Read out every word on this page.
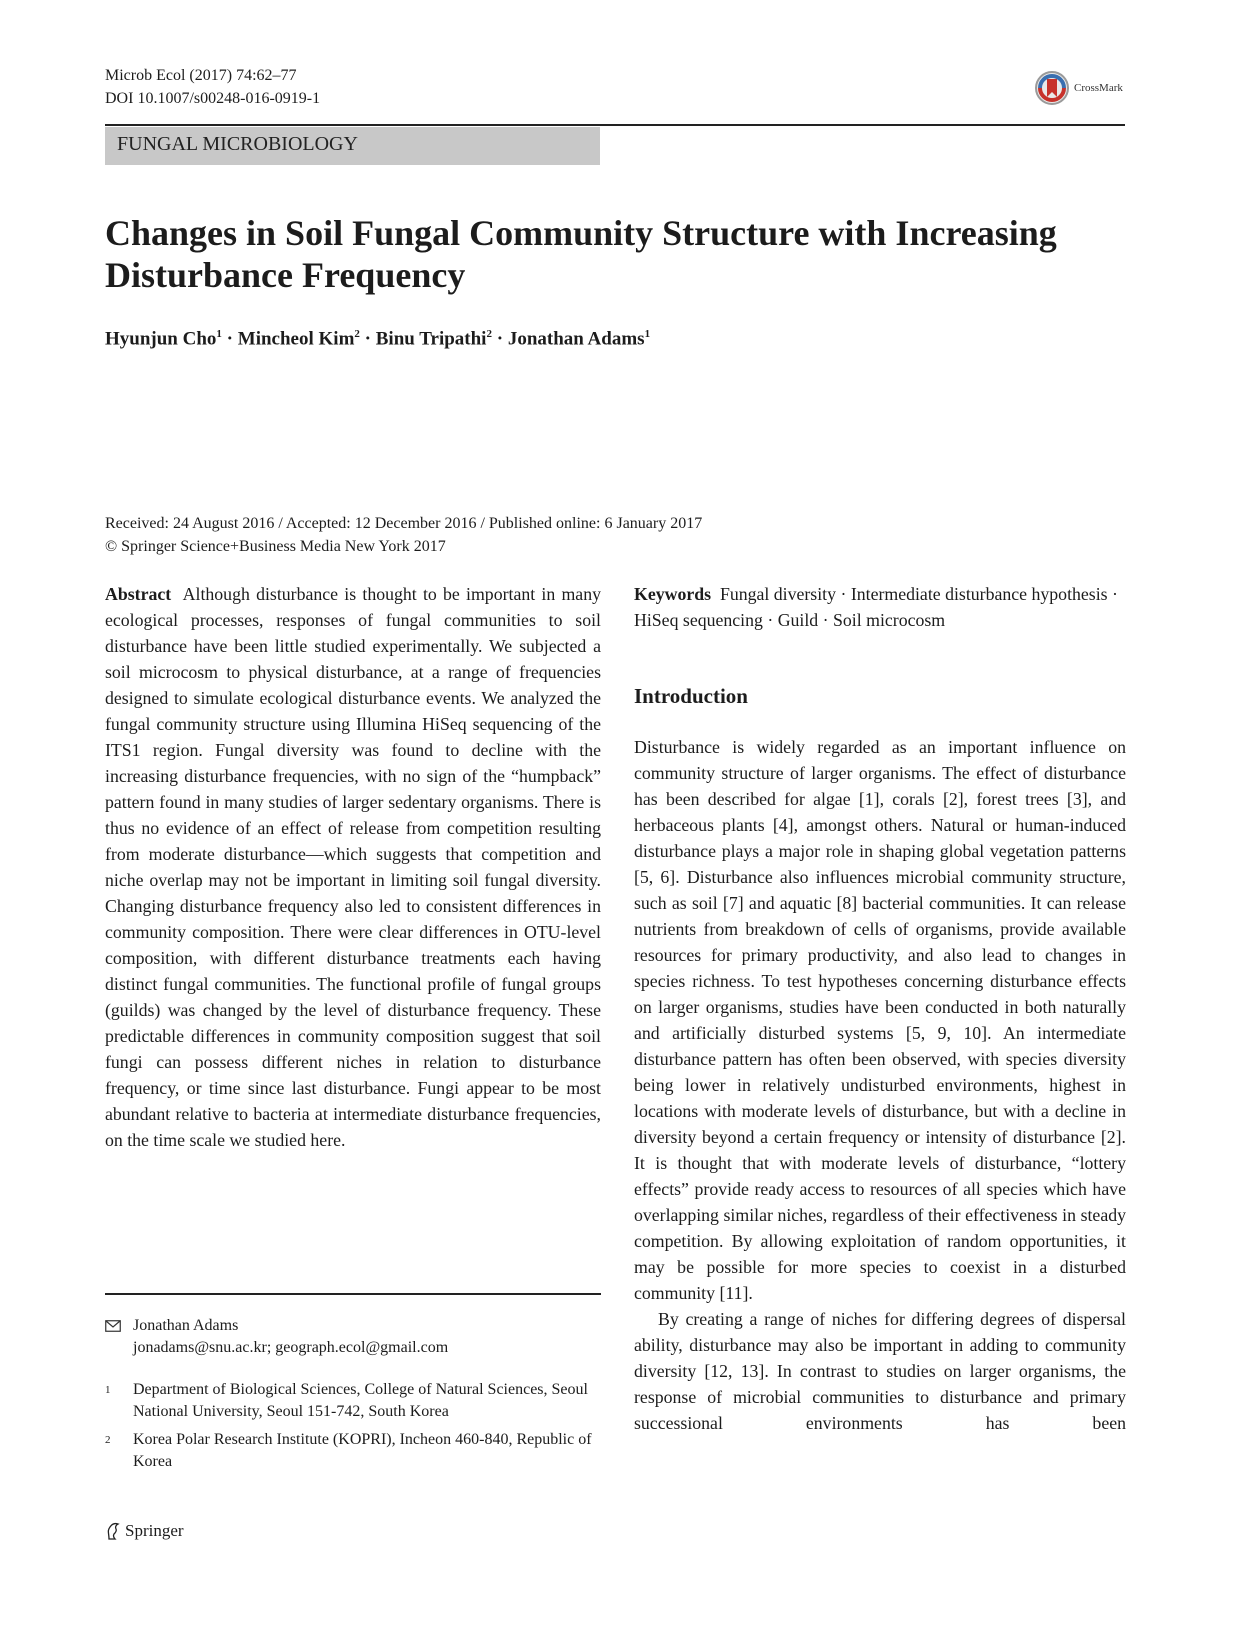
Microb Ecol (2017) 74:62–77
DOI 10.1007/s00248-016-0919-1
CrossMark
FUNGAL MICROBIOLOGY
Changes in Soil Fungal Community Structure with Increasing
Disturbance Frequency
Hyunjun Cho$^1$ · Mincheol Kim$^2$ · Binu Tripathi$^2$ · Jonathan Adams$^1$
Received: 24 August 2016 / Accepted: 12 December 2016 / Published online: 6 January 2017
© Springer Science+Business Media New York 2017
Abstract Although disturbance is thought to be important in many ecological processes, responses of fungal communities to soil disturbance have been little studied experimentally. We subjected a soil microcosm to physical disturbance, at a range of frequencies designed to simulate ecological disturbance events. We analyzed the fungal community structure using Illumina HiSeq sequencing of the ITS1 region. Fungal diversity was found to decline with the increasing disturbance frequencies, with no sign of the “humpback” pattern found in many studies of larger sedentary organisms. There is thus no evidence of an effect of release from competition resulting from moderate disturbance—which suggests that competition and niche overlap may not be important in limiting soil fungal diversity. Changing disturbance frequency also led to consistent differences in community composition. There were clear differences in OTU-level composition, with different disturbance treatments each having distinct fungal communities. The functional profile of fungal groups (guilds) was changed by the level of disturbance frequency. These predictable differences in community composition suggest that soil fungi can possess different niches in relation to disturbance frequency, or time since last disturbance. Fungi appear to be most abundant relative to bacteria at intermediate disturbance frequencies, on the time scale we studied here.
Keywords Fungal diversity · Intermediate disturbance hypothesis · HiSeq sequencing · Guild · Soil microcosm
Introduction

Disturbance is widely regarded as an important influence on community structure of larger organisms. The effect of disturbance has been described for algae [1], corals [2], forest trees [3], and herbaceous plants [4], amongst others. Natural or human-induced disturbance plays a major role in shaping global vegetation patterns [5, 6]. Disturbance also influences microbial community structure, such as soil [7] and aquatic [8] bacterial communities. It can release nutrients from breakdown of cells of organisms, provide available resources for primary productivity, and also lead to changes in species richness. To test hypotheses concerning disturbance effects on larger organisms, studies have been conducted in both naturally and artificially disturbed systems [5, 9, 10]. An intermediate disturbance pattern has often been observed, with species diversity being lower in relatively undisturbed environments, highest in locations with moderate levels of disturbance, but with a decline in diversity beyond a certain frequency or intensity of disturbance [2]. It is thought that with moderate levels of disturbance, “lottery effects” provide ready access to resources of all species which have overlapping similar niches, regardless of their effectiveness in steady competition. By allowing exploitation of random opportunities, it may be possible for more species to coexist in a disturbed community [11].

By creating a range of niches for differing degrees of dispersal ability, disturbance may also be important in adding to community diversity [12, 13]. In contrast to studies on larger organisms, the response of microbial communities to disturbance and primary successional environments has been

Jonathan Adams
jonadams@snu.ac.kr; geograph.ecol@gmail.com
1	Department of Biological Sciences, College of Natural Sciences, Seoul National University, Seoul 151-742, South Korea
2	Korea Polar Research Institute (KOPRI), Incheon 460-840, Republic of Korea
Springer
